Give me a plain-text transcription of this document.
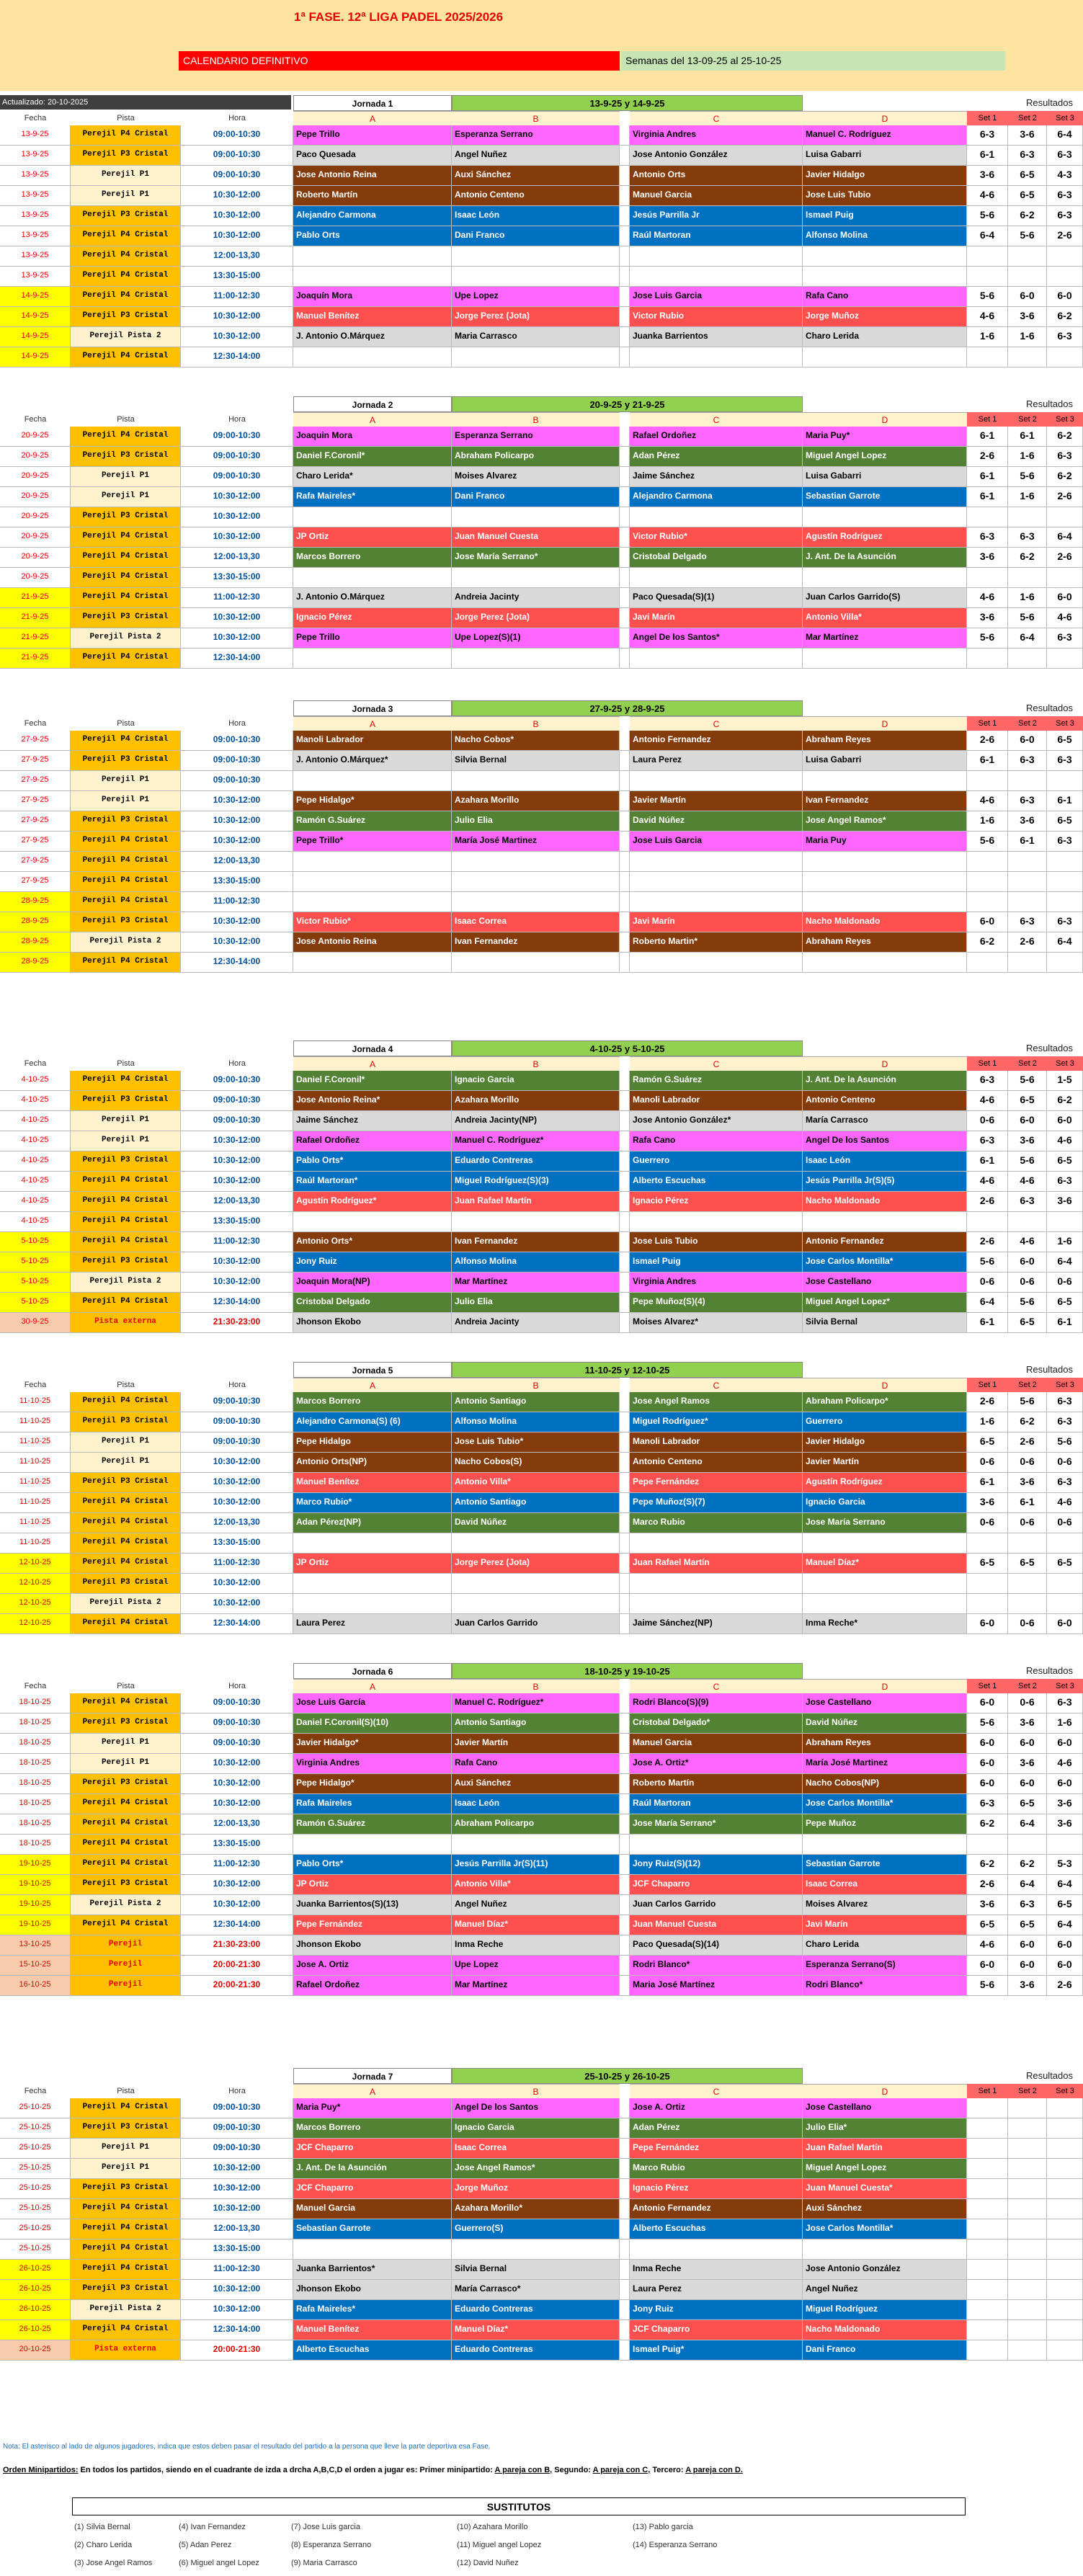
1ª FASE. 12ª LIGA PADEL 2025/2026
CALENDARIO DEFINITIVO	Semanas del 13-09-25 al 25-10-25
Actualizado: 20-10-2025	Jornada 1	13-9-25 y 14-9-25	Resultados
Fecha	Pista	Hora	A	B	C	D	Set 1	Set 2	Set 3
13-9-25	Perejil P4 Cristal	09:00-10:30	Pepe Trillo	Esperanza Serrano	Virginia Andres	Manuel C. Rodríguez	6-3	3-6	6-4
13-9-25	Perejil P3 Cristal	09:00-10:30	Paco Quesada	Angel Nuñez	Jose Antonio González	Luisa Gabarri	6-1	6-3	6-3
13-9-25	Perejil P1	09:00-10:30	Jose Antonio Reina	Auxi Sánchez	Antonio Orts	Javier Hidalgo	3-6	6-5	4-3
13-9-25	Perejil P1	10:30-12:00	Roberto Martín	Antonio Centeno	Manuel Garcia	Jose Luis Tubio	4-6	6-5	6-3
13-9-25	Perejil P3 Cristal	10:30-12:00	Alejandro Carmona	Isaac León	Jesús Parrilla Jr	Ismael Puig	5-6	6-2	6-3
13-9-25	Perejil P4 Cristal	10:30-12:00	Pablo Orts	Dani Franco	Raúl Martoran	Alfonso Molina	6-4	5-6	2-6
13-9-25	Perejil P4 Cristal	12:00-13,30
13-9-25	Perejil P4 Cristal	13:30-15:00
14-9-25	Perejil P4 Cristal	11:00-12:30	Joaquín Mora	Upe Lopez	Jose Luis Garcia	Rafa Cano	5-6	6-0	6-0
14-9-25	Perejil P3 Cristal	10:30-12:00	Manuel Benítez	Jorge Perez (Jota)	Victor Rubio	Jorge Muñoz	4-6	3-6	6-2
14-9-25	Perejil Pista 2	10:30-12:00	J. Antonio O.Márquez	Maria Carrasco	Juanka Barrientos	Charo Lerida	1-6	1-6	6-3
14-9-25	Perejil P4 Cristal	12:30-14:00
Jornada 2	20-9-25 y 21-9-25	Resultados
Fecha	Pista	Hora	A	B	C	D	Set 1	Set 2	Set 3
20-9-25	Perejil P4 Cristal	09:00-10:30	Joaquin Mora	Esperanza Serrano	Rafael Ordoñez	Maria Puy*	6-1	6-1	6-2
20-9-25	Perejil P3 Cristal	09:00-10:30	Daniel F.Coronil*	Abraham Policarpo	Adan Pérez	Miguel Angel Lopez	2-6	1-6	6-3
20-9-25	Perejil P1	09:00-10:30	Charo Lerida*	Moises Alvarez	Jaime Sánchez	Luisa Gabarri	6-1	5-6	6-2
20-9-25	Perejil P1	10:30-12:00	Rafa Maireles*	Dani Franco	Alejandro Carmona	Sebastian Garrote	6-1	1-6	2-6
20-9-25	Perejil P3 Cristal	10:30-12:00
20-9-25	Perejil P4 Cristal	10:30-12:00	JP Ortiz	Juan Manuel Cuesta	Victor Rubio*	Agustín Rodríguez	6-3	6-3	6-4
20-9-25	Perejil P4 Cristal	12:00-13,30	Marcos Borrero	Jose María Serrano*	Cristobal Delgado	J. Ant. De la Asunción	3-6	6-2	2-6
20-9-25	Perejil P4 Cristal	13:30-15:00
21-9-25	Perejil P4 Cristal	11:00-12:30	J. Antonio O.Márquez	Andreia Jacinty	Paco Quesada(S)(1)	Juan Carlos Garrido(S)	4-6	1-6	6-0
21-9-25	Perejil P3 Cristal	10:30-12:00	Ignacio Pérez	Jorge Perez (Jota)	Javi Marín	Antonio Villa*	3-6	5-6	4-6
21-9-25	Perejil Pista 2	10:30-12:00	Pepe Trillo	Upe Lopez(S)(1)	Angel De los Santos*	Mar Martínez	5-6	6-4	6-3
21-9-25	Perejil P4 Cristal	12:30-14:00
Jornada 3	27-9-25 y 28-9-25	Resultados
Fecha	Pista	Hora	A	B	C	D	Set 1	Set 2	Set 3
27-9-25	Perejil P4 Cristal	09:00-10:30	Manoli Labrador	Nacho Cobos*	Antonio Fernandez	Abraham Reyes	2-6	6-0	6-5
27-9-25	Perejil P3 Cristal	09:00-10:30	J. Antonio O.Márquez*	Silvia Bernal	Laura Perez	Luisa Gabarri	6-1	6-3	6-3
27-9-25	Perejil P1	09:00-10:30
27-9-25	Perejil P1	10:30-12:00	Pepe Hidalgo*	Azahara Morillo	Javier Martín	Ivan Fernandez	4-6	6-3	6-1
27-9-25	Perejil P3 Cristal	10:30-12:00	Ramón G.Suárez	Julio Elia	David Núñez	Jose Angel Ramos*	1-6	3-6	6-5
27-9-25	Perejil P4 Cristal	10:30-12:00	Pepe Trillo*	María José Martinez	Jose Luis Garcia	Maria Puy	5-6	6-1	6-3
27-9-25	Perejil P4 Cristal	12:00-13,30
27-9-25	Perejil P4 Cristal	13:30-15:00
28-9-25	Perejil P4 Cristal	11:00-12:30
28-9-25	Perejil P3 Cristal	10:30-12:00	Victor Rubio*	Isaac Correa	Javi Marín	Nacho Maldonado	6-0	6-3	6-3
28-9-25	Perejil Pista 2	10:30-12:00	Jose Antonio Reina	Ivan Fernandez	Roberto Martin*	Abraham Reyes	6-2	2-6	6-4
28-9-25	Perejil P4 Cristal	12:30-14:00
Jornada 4	4-10-25 y 5-10-25	Resultados
Fecha	Pista	Hora	A	B	C	D	Set 1	Set 2	Set 3
4-10-25	Perejil P4 Cristal	09:00-10:30	Daniel F.Coronil*	Ignacio Garcia	Ramón G.Suárez	J. Ant. De la Asunción	6-3	5-6	1-5
4-10-25	Perejil P3 Cristal	09:00-10:30	Jose Antonio Reina*	Azahara Morillo	Manoli Labrador	Antonio Centeno	4-6	6-5	6-2
4-10-25	Perejil P1	09:00-10:30	Jaime Sánchez	Andreia Jacinty(NP)	Jose Antonio González*	María Carrasco	0-6	6-0	6-0
4-10-25	Perejil P1	10:30-12:00	Rafael Ordoñez	Manuel C. Rodríguez*	Rafa Cano	Angel De los Santos	6-3	3-6	4-6
4-10-25	Perejil P3 Cristal	10:30-12:00	Pablo Orts*	Eduardo Contreras	Guerrero	Isaac León	6-1	5-6	6-5
4-10-25	Perejil P4 Cristal	10:30-12:00	Raúl Martoran*	Miguel Rodríguez(S)(3)	Alberto Escuchas	Jesús Parrilla Jr(S)(5)	4-6	4-6	6-3
4-10-25	Perejil P4 Cristal	12:00-13,30	Agustín Rodríguez*	Juan Rafael Martín	Ignacio Pérez	Nacho Maldonado	2-6	6-3	3-6
4-10-25	Perejil P4 Cristal	13:30-15:00
5-10-25	Perejil P4 Cristal	11:00-12:30	Antonio Orts*	Ivan Fernandez	Jose Luis Tubio	Antonio Fernandez	2-6	4-6	1-6
5-10-25	Perejil P3 Cristal	10:30-12:00	Jony Ruiz	Alfonso Molina	Ismael Puig	Jose Carlos Montilla*	5-6	6-0	6-4
5-10-25	Perejil Pista 2	10:30-12:00	Joaquin Mora(NP)	Mar Martínez	Virginia Andres	Jose Castellano	0-6	0-6	0-6
5-10-25	Perejil P4 Cristal	12:30-14:00	Cristobal Delgado	Julio Elia	Pepe Muñoz(S)(4)	Miguel Angel Lopez*	6-4	5-6	6-5
30-9-25	Pista externa	21:30-23:00	Jhonson Ekobo	Andreia Jacinty	Moises Alvarez*	Silvia Bernal	6-1	6-5	6-1
Jornada 5	11-10-25 y 12-10-25	Resultados
Fecha	Pista	Hora	A	B	C	D	Set 1	Set 2	Set 3
11-10-25	Perejil P4 Cristal	09:00-10:30	Marcos Borrero	Antonio Santiago	Jose Angel Ramos	Abraham Policarpo*	2-6	5-6	6-3
11-10-25	Perejil P3 Cristal	09:00-10:30	Alejandro Carmona(S) (6)	Alfonso Molina	Miguel Rodríguez*	Guerrero	1-6	6-2	6-3
11-10-25	Perejil P1	09:00-10:30	Pepe Hidalgo	Jose Luis Tubio*	Manoli Labrador	Javier Hidalgo	6-5	2-6	5-6
11-10-25	Perejil P1	10:30-12:00	Antonio Orts(NP)	Nacho Cobos(S)	Antonio Centeno	Javier Martín	0-6	0-6	0-6
11-10-25	Perejil P3 Cristal	10:30-12:00	Manuel Benítez	Antonio Villa*	Pepe Fernández	Agustín Rodríguez	6-1	3-6	6-3
11-10-25	Perejil P4 Cristal	10:30-12:00	Marco Rubio*	Antonio Santiago	Pepe Muñoz(S)(7)	Ignacio Garcia	3-6	6-1	4-6
11-10-25	Perejil P4 Cristal	12:00-13,30	Adan Pérez(NP)	David Núñez	Marco Rubio	Jose María Serrano	0-6	0-6	0-6
11-10-25	Perejil P4 Cristal	13:30-15:00
12-10-25	Perejil P4 Cristal	11:00-12:30	JP Ortiz	Jorge Perez (Jota)	Juan Rafael Martín	Manuel Díaz*	6-5	6-5	6-5
12-10-25	Perejil P3 Cristal	10:30-12:00
12-10-25	Perejil Pista 2	10:30-12:00
12-10-25	Perejil P4 Cristal	12:30-14:00	Laura Perez	Juan Carlos Garrido	Jaime Sánchez(NP)	Inma Reche*	6-0	0-6	6-0
Jornada 6	18-10-25 y 19-10-25	Resultados
Fecha	Pista	Hora	A	B	C	D	Set 1	Set 2	Set 3
18-10-25	Perejil P4 Cristal	09:00-10:30	Jose Luis García	Manuel C. Rodríguez*	Rodri Blanco(S)(9)	Jose Castellano	6-0	0-6	6-3
18-10-25	Perejil P3 Cristal	09:00-10:30	Daniel F.Coronil(S)(10)	Antonio Santiago	Cristobal Delgado*	David Núñez	5-6	3-6	1-6
18-10-25	Perejil P1	09:00-10:30	Javier Hidalgo*	Javier Martín	Manuel Garcia	Abraham Reyes	6-0	6-0	6-0
18-10-25	Perejil P1	10:30-12:00	Virginia Andres	Rafa Cano	Jose A. Ortiz*	María José Martinez	6-0	3-6	4-6
18-10-25	Perejil P3 Cristal	10:30-12:00	Pepe Hidalgo*	Auxi Sánchez	Roberto Martín	Nacho Cobos(NP)	6-0	6-0	6-0
18-10-25	Perejil P4 Cristal	10:30-12:00	Rafa Maireles	Isaac León	Raúl Martoran	Jose Carlos Montilla*	6-3	6-5	3-6
18-10-25	Perejil P4 Cristal	12:00-13,30	Ramón G.Suárez	Abraham Policarpo	Jose María Serrano*	Pepe Muñoz	6-2	6-4	3-6
18-10-25	Perejil P4 Cristal	13:30-15:00
19-10-25	Perejil P4 Cristal	11:00-12:30	Pablo Orts*	Jesús Parrilla Jr(S)(11)	Jony Ruiz(S)(12)	Sebastian Garrote	6-2	6-2	5-3
19-10-25	Perejil P3 Cristal	10:30-12:00	JP Ortiz	Antonio Villa*	JCF Chaparro	Isaac Correa	2-6	6-4	6-4
19-10-25	Perejil Pista 2	10:30-12:00	Juanka Barrientos(S)(13)	Angel Nuñez	Juan Carlos Garrido	Moises Alvarez	3-6	6-3	6-5
19-10-25	Perejil P4 Cristal	12:30-14:00	Pepe Fernández	Manuel Díaz*	Juan Manuel Cuesta	Javi Marín	6-5	6-5	6-4
13-10-25	Perejil	21:30-23:00	Jhonson Ekobo	Inma Reche	Paco Quesada(S)(14)	Charo Lerida	4-6	6-0	6-0
15-10-25	Perejil	20:00-21:30	Jose A. Ortiz	Upe Lopez	Rodri Blanco*	Esperanza Serrano(S)	6-0	6-0	6-0
16-10-25	Perejil	20:00-21:30	Rafael Ordoñez	Mar Martínez	Maria José Martínez	Rodri Blanco*	5-6	3-6	2-6
Jornada 7	25-10-25 y 26-10-25	Resultados
Fecha	Pista	Hora	A	B	C	D	Set 1	Set 2	Set 3
25-10-25	Perejil P4 Cristal	09:00-10:30	Maria Puy*	Angel De los Santos	Jose A. Ortiz	Jose Castellano
25-10-25	Perejil P3 Cristal	09:00-10:30	Marcos Borrero	Ignacio Garcia	Adan Pérez	Julio Elia*
25-10-25	Perejil P1	09:00-10:30	JCF Chaparro	Isaac Correa	Pepe Fernández	Juan Rafael Martín
25-10-25	Perejil P1	10:30-12:00	J. Ant. De la Asunción	Jose Angel Ramos*	Marco Rubio	Miguel Angel Lopez
25-10-25	Perejil P3 Cristal	10:30-12:00	JCF Chaparro	Jorge Muñoz	Ignacio Pérez	Juan Manuel Cuesta*
25-10-25	Perejil P4 Cristal	10:30-12:00	Manuel Garcia	Azahara Morillo*	Antonio Fernandez	Auxi Sánchez
25-10-25	Perejil P4 Cristal	12:00-13,30	Sebastian Garrote	Guerrero(S)	Alberto Escuchas	Jose Carlos Montilla*
25-10-25	Perejil P4 Cristal	13:30-15:00
26-10-25	Perejil P4 Cristal	11:00-12:30	Juanka Barrientos*	Silvia Bernal	Inma Reche	Jose Antonio González
26-10-25	Perejil P3 Cristal	10:30-12:00	Jhonson Ekobo	María Carrasco*	Laura Perez	Angel Nuñez
26-10-25	Perejil Pista 2	10:30-12:00	Rafa Maireles*	Eduardo Contreras	Jony Ruiz	Miguel Rodríguez
26-10-25	Perejil P4 Cristal	12:30-14:00	Manuel Benítez	Manuel Díaz*	JCF Chaparro	Nacho Maldonado
20-10-25	Pista externa	20:00-21:30	Alberto Escuchas	Eduardo Contreras	Ismael Puig*	Dani Franco
Nota: El asterisco al lado de algunos jugadores, indica que estos deben pasar el resultado del partido a la persona que lleve la parte deportiva esa Fase.
Orden Minipartidos: En todos los partidos, siendo en el cuadrante de izda a drcha A,B,C,D el orden a jugar es: Primer minipartido: A pareja con B, Segundo: A pareja con C, Tercero: A pareja con D.
SUSTITUTOS
(1) Silvia Bernal
(2) Charo Lerida
(3) Jose Angel Ramos
(4) Ivan Fernandez
(5) Adan Perez
(6) Miguel angel Lopez
(7) Jose Luis garcia
(8) Esperanza Serrano
(9) Maria Carrasco
(10) Azahara Morillo
(11) Miguel angel Lopez
(12) David Nuñez
(13) Pablo garcia
(14) Esperanza Serrano
